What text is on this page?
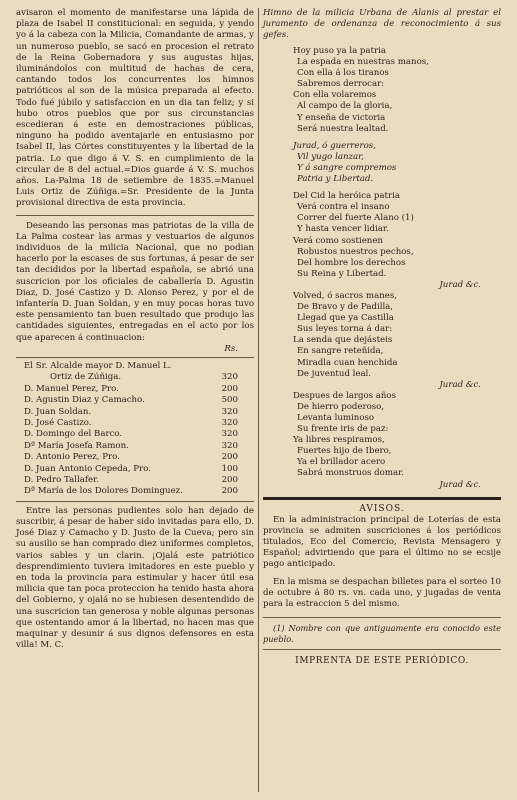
avisaron el momento de manifestarse una lápida de plaza de Isabel II constitucional: en seguida, y yendo yo á la cabeza con la Milicia, Comandante de armas, y un numeroso pueblo, se sacó en procesion el retrato de la Reina Gobernadora y sus augustas hijas, iluminándolos con multitud de hachas de cera, cantando todos los concurrentes los himnos patrióticos al son de la música preparada al efecto. Todo fué júbilo y satisfaccion en un dia tan feliz; y si hubo otros pueblos que por sus circunstancias escedieran á este en demostraciones públicas, ninguno ha podido aventajarle en entusiasmo por Isabel II, las Córtes constituyentes y la libertad de la patria. Lo que digo á V. S. en cumplimiento de la circular de 8 del actual.=Dios guarde á V. S. muchos años. La-Palma 18 de setiembre de 1835.=Manuel Luis Ortiz de Zúñiga.=Sr. Presidente de la Junta provisional directiva de esta provincia.

Deseando las personas mas patriotas de la villa de La Palma costear las armas y vestuarios de algunos individuos de la milicia Nacional, que no podian hacerlo por la escases de sus fortunas, á pesar de ser tan decididos por la libertad española, se abrió una suscricion por los oficiales de caballería D. Agustin Diaz, D. José Castizo y D. Alonso Perez, y por el de infantería D. Juan Soldan, y en muy pocas horas tuvo este pensamiento tan buen resultado que produjo las cantidades siguientes, entregadas en el acto por los que aparecen á continuacion:

Rs.
El Sr. Alcalde mayor D. Manuel L.	
Ortiz de Zúñiga.	320
D. Manuel Perez, Pro.	200
D. Agustin Diaz y Camacho.	500
D. Juan Soldan.	320
D. José Castizo.	320
D. Domingo del Barco.	320
Dª María Josefa Ramon.	320
D. Antonio Perez, Pro.	200
D. Juan Antonio Cepeda, Pro.	100
D. Pedro Tallafer.	200
Dª María de los Dolores Dominguez.	200

Entre las personas pudientes solo han dejado de suscribir, á pesar de haber sido invitadas para ello, D. José Diaz y Camacho y D. Justo de la Cueva; pero sin su ausilio se han comprado diez uniformes completos, varios sables y un clarin. ¡Ojalá este patriótico desprendimiento tuviera imitadores en este pueblo y en toda la provincia para estimular y hacer útil esa milicia que tan poca proteccion ha tenido hasta ahora del Gobierno, y ojalá no se hubiesen desentendido de una suscricion tan generosa y noble algunas personas que ostentando amor á la libertad, no hacen mas que maquinar y desunir á sus dignos defensores en esta villa! M. C.

Himno de la milicia Urbana de Alanis al prestar el juramento de ordenanza de reconocimiento á sus gefes.

Hoy puso ya la patria
La espada en nuestras manos,
Con ella á los tiranos
Sabremos derrocar:
Con ella volaremos
Al campo de la gloria,
Y enseña de victoria
Será nuestra lealtad.
Jurad, ó guerreros,
Vil yugo lanzar,
Y á sangre compremos
Patria y Libertad.
Del Cid la heróica patria
Verá contra el insano
Correr del fuerte Alano (1)
Y hasta vencer lidiar.
Verá como sostienen
Robustos nuestros pechos,
Del hombre los derechos
Su Reina y Libertad.
Jurad &c.
Volved, ó sacros manes,
De Bravo y de Padilla,
Llegad que ya Castilla
Sus leyes torna á dar:
La senda que dejásteis
En sangre reteñida,
Miradla cuan henchida
De juventud leal.
Jurad &c.
Despues de largos años
De hierro poderoso,
Levanta luminoso
Su frente iris de paz:
Ya libres respiramos,
Fuertes hijo de Ibero,
Ya el brillador acero
Sabrá monstruos domar.
Jurad &c.
AVISOS.

En la administracion principal de Loterías de esta provincia se admiten suscriciones á los periódicos titulados, Eco del Comercio, Revista Mensagero y Español; advirtiendo que para el último no se ecsije pago anticipado.

En la misma se despachan billetes para el sorteo 10 de octubre á 80 rs. vn. cada uno, y jugadas de venta para la estraccion 5 del mismo.

(1) Nombre con que antiguamente era conocido este pueblo.

IMPRENTA DE ESTE PERIÓDICO.
